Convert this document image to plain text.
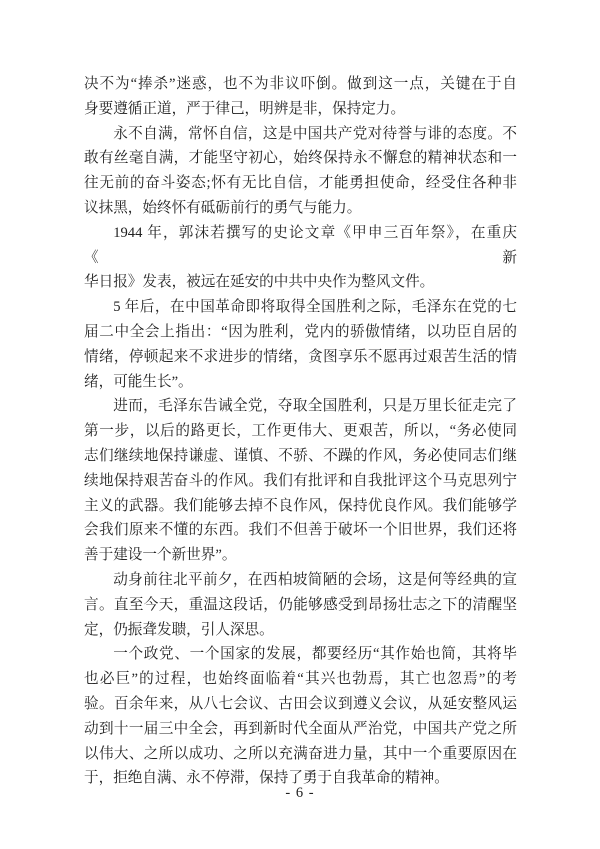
决不为“捧杀”迷惑，也不为非议吓倒。做到这一点，关键在于自
身要遵循正道，严于律己，明辨是非，保持定力。
永不自满，常怀自信，这是中国共产党对待誉与诽的态度。不
敢有丝毫自满，才能坚守初心，始终保持永不懈怠的精神状态和一
往无前的奋斗姿态;怀有无比自信，才能勇担使命，经受住各种非
议抹黑，始终怀有砥砺前行的勇气与能力。
1944 年，郭沫若撰写的史论文章《甲申三百年祭》，在重庆《新
华日报》发表，被远在延安的中共中央作为整风文件。
5 年后，在中国革命即将取得全国胜利之际，毛泽东在党的七
届二中全会上指出：“因为胜利，党内的骄傲情绪，以功臣自居的
情绪，停顿起来不求进步的情绪，贪图享乐不愿再过艰苦生活的情
绪，可能生长”。
进而，毛泽东告诫全党，夺取全国胜利，只是万里长征走完了
第一步，以后的路更长，工作更伟大、更艰苦，所以，“务必使同
志们继续地保持谦虚、谨慎、不骄、不躁的作风，务必使同志们继
续地保持艰苦奋斗的作风。我们有批评和自我批评这个马克思列宁
主义的武器。我们能够去掉不良作风，保持优良作风。我们能够学
会我们原来不懂的东西。我们不但善于破坏一个旧世界，我们还将
善于建设一个新世界”。
动身前往北平前夕，在西柏坡简陋的会场，这是何等经典的宣
言。直至今天，重温这段话，仍能够感受到昂扬壮志之下的清醒坚
定，仍振聋发聩，引人深思。
一个政党、一个国家的发展，都要经历“其作始也简，其将毕
也必巨”的过程，也始终面临着“其兴也勃焉，其亡也忽焉”的考
验。百余年来，从八七会议、古田会议到遵义会议，从延安整风运
动到十一届三中全会，再到新时代全面从严治党，中国共产党之所
以伟大、之所以成功、之所以充满奋进力量，其中一个重要原因在
于，拒绝自满、永不停滞，保持了勇于自我革命的精神。
- 6 -
